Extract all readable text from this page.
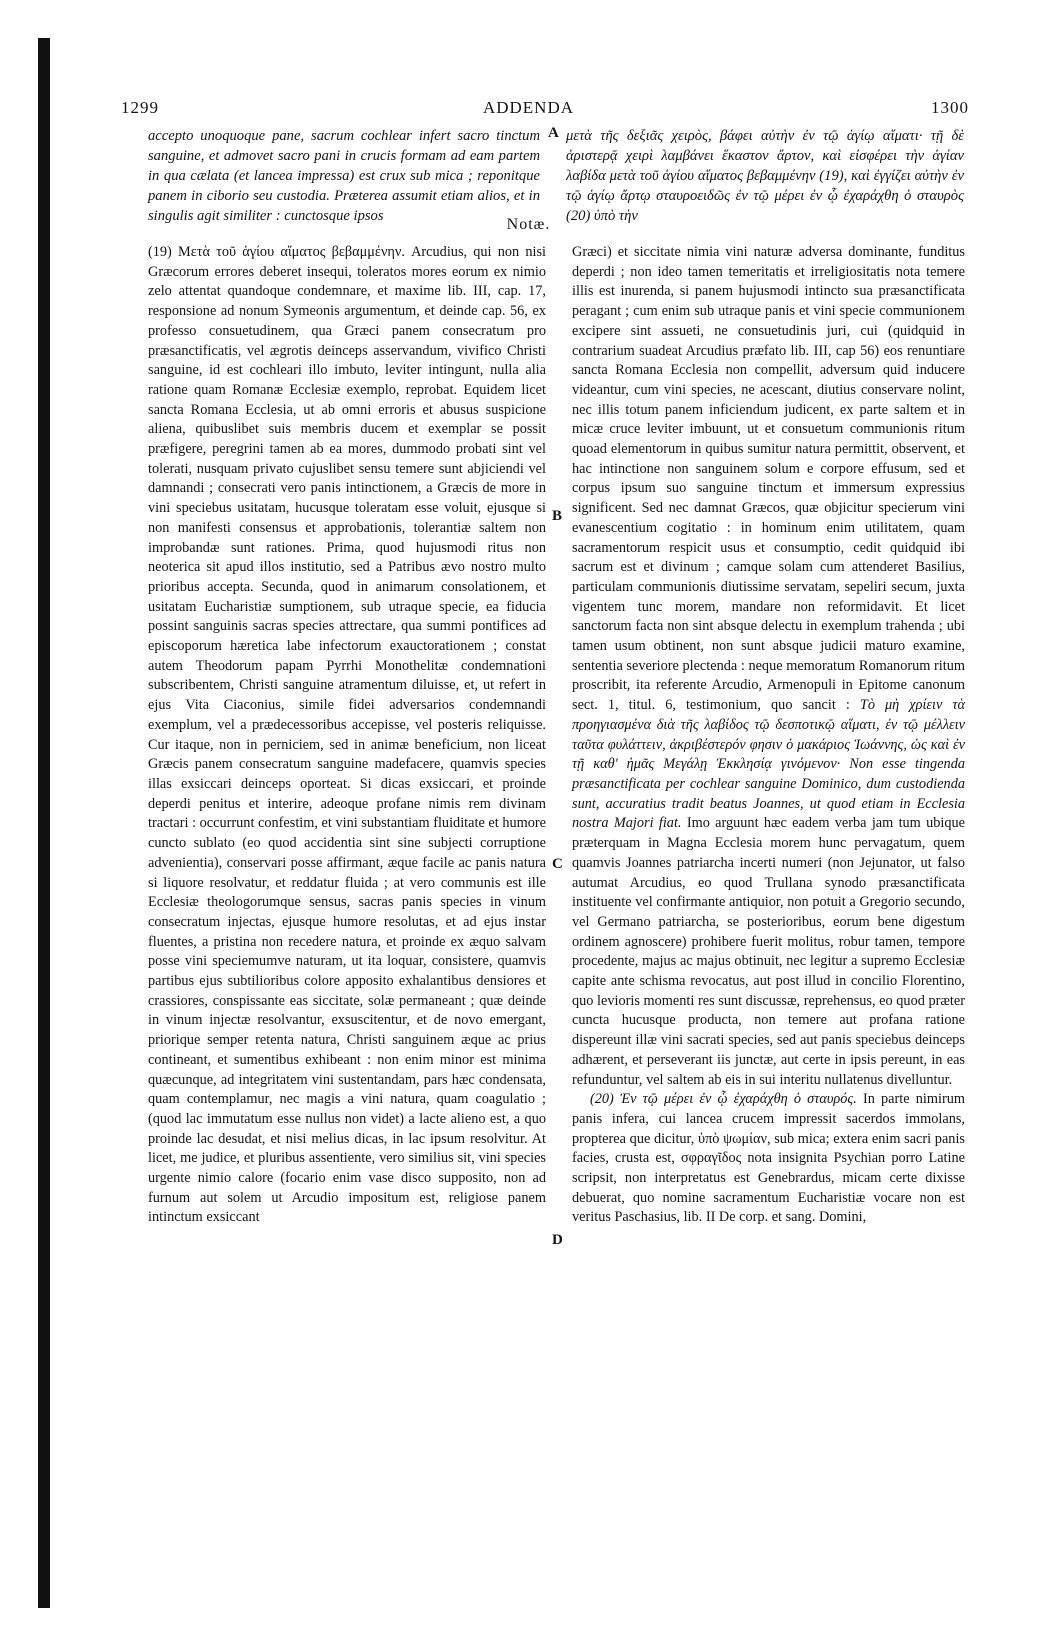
1299	ADDENDA	1300
accepto unoquoque pane, sacrum cochlear infert sacro tinctum sanguine, et admovet sacro pani in crucis formam ad eam partem in qua cælata (et lancea impressa) est crux sub mica ; reponitque panem in ciborio seu custodia. Præterea assumit etiam alios, et in singulis agit similiter : cunctosque ipsos
A μετὰ τῆς δεξιᾶς χειρὸς, βάφει αὐτὴν ἐν τῷ ἁγίῳ αἵματι· τῇ δὲ ἀριστερᾷ χειρὶ λαμβάνει ἕκαστον ἄρτον, καὶ εἰσφέρει τὴν ἁγίαν λαβίδα μετὰ τοῦ ἁγίου αἵματος βεβαμμένην (19), καὶ ἐγγίζει αὐτὴν ἐν τῷ ἁγίῳ ἄρτῳ σταυροειδῶς ἐν τῷ μέρει ἐν ᾧ ἐχαράχθη ὁ σταυρὸς (20) ὑπὸ τὴν
Notæ.
(19) Μετὰ τοῦ ἁγίου αἵματος βεβαμμένην. Arcudius, qui non nisi Græcorum errores deberet insequi, toleratos mores eorum ex nimio zelo attentat quandoque condemnare, et maxime lib. III, cap. 17, responsione ad nonum Symeonis argumentum, et deinde cap. 56, ex professo consuetudinem, qua Græci panem consecratum pro præsanctificatis, vel ægrotis deinceps asservandum, vivifico Christi sanguine, id est cochleari illo imbuto, leviter intingunt, nulla alia ratione quam Romanæ Ecclesiæ exemplo, reprobat. Equidem licet sancta Romana Ecclesia, ut ab omni erroris et abusus suspicione aliena, quibuslibet suis membris ducem et exemplar se possit præfigere, peregrini tamen ab ea mores, dummodo probati sint vel tolerati, nusquam privato cujuslibet sensu temere sunt abjiciendi vel damnandi ; consecrati vero panis intinctionem, a Græcis de more in vini speciebus usitatam, hucusque toleratam esse voluit, ejusque si non manifesti consensus et approbationis, tolerantiæ saltem non improbandæ sunt rationes. Prima, quod hujusmodi ritus non neoterica sit apud illos institutio, sed a Patribus ævo nostro multo prioribus accepta. Secunda, quod in animarum consolationem, et usitatam Eucharistiæ sumptionem, sub utraque specie, ea fiducia possint sanguinis sacras species attrectare, qua summi pontifices ad episcoporum hæretica labe infectorum exauctorationem ; constat autem Theodorum papam Pyrrhi Monothelitæ condemnationi subscribentem, Christi sanguine atramentum diluisse, et, ut refert in ejus Vita Ciaconius, simile fidei adversarios condemnandi exemplum, vel a prædecessoribus accepisse, vel posteris reliquisse. Cur itaque, non in perniciem, sed in animæ beneficium, non liceat Græcis panem consecratum sanguine madefacere, quamvis species illas exsiccari deinceps oporteat. Si dicas exsiccari, et proinde deperdi penitus et interire, adeoque profane nimis rem divinam tractari : occurrunt confestim, et vini substantiam fluiditate et humore cuncto sublato (eo quod accidentia sint sine subjecti corruptione advenientia), conservari posse affirmant, æque facile ac panis natura si liquore resolvatur, et reddatur fluida ; at vero communis est ille Ecclesiæ theologorumque sensus, sacras panis species in vinum consecratum injectas, ejusque humore resolutas, et ad ejus instar fluentes, a pristina non recedere natura, et proinde ex æquo salvam posse vini speciemumve naturam, ut ita loquar, consistere, quamvis partibus ejus subtilioribus colore apposito exhalantibus densiores et crassiores, conspissante eas siccitate, solæ permaneant ; quæ deinde in vinum injectæ resolvantur, exsuscitentur, et de novo emergant, priorique semper retenta natura, Christi sanguinem æque ac prius contineant, et sumentibus exhibeant : non enim minor est minima quæcunque, ad integritatem vini sustentandam, pars hæc condensata, quam contemplamur, nec magis a vini natura, quam coagulatio ; (quod lac immutatum esse nullus non videt) a lacte alieno est, a quo proinde lac desudat, et nisi melius dicas, in lac ipsum resolvitur. At licet, me judice, et pluribus assentiente, vero similius sit, vini species urgente nimio calore (focario enim vase disco supposito, non ad furnum aut solem ut Arcudio impositum est, religiose panem intinctum exsiccant
B
C
D

Græci) et siccitate nimia vini naturæ adversa dominante, funditus deperdi ; non ideo tamen temeritatis et irreligiositatis nota temere illis est inurenda, si panem hujusmodi intincto sua præsanctificata peragant ; cum enim sub utraque panis et vini specie communionem excipere sint assueti, ne consuetudinis juri, cui (quidquid in contrarium suadeat Arcudius præfato lib. III, cap 56) eos renuntiare sancta Romana Ecclesia non compellit, adversum quid inducere videantur, cum vini species, ne acescant, diutius conservare nolint, nec illis totum panem inficiendum judicent, ex parte saltem et in micæ cruce leviter imbuunt, ut et consuetum communionis ritum quoad elementorum in quibus sumitur natura permittit, observent, et hac intinctione non sanguinem solum e corpore effusum, sed et corpus ipsum suo sanguine tinctum et immersum expressius significent. Sed nec damnat Græcos, quæ objicitur specierum vini evanescentium cogitatio : in hominum enim utilitatem, quam sacramentorum respicit usus et consumptio, cedit quidquid ibi sacrum est et divinum ; camque solam cum attenderet Basilius, particulam communionis diutissime servatam, sepeliri secum, juxta vigentem tunc morem, mandare non reformidavit. Et licet sanctorum facta non sint absque delectu in exemplum trahenda ; ubi tamen usum obtinent, non sunt absque judicii maturo examine, sententia severiore plectenda : neque memoratum Romanorum ritum proscribit, ita referente Arcudio, Armenopuli in Epitome canonum sect. 1, titul. 6, testimonium, quo sancit : Τὸ μὴ χρίειν τὰ προηγιασμένα διὰ τῆς λαβίδος τῷ δεσποτικῷ αἵματι, ἐν τῷ μέλλειν ταῦτα φυλάττειν, ἀκριβέστερόν φησιν ὁ μακάριος Ἰωάννης, ὡς καὶ ἐν τῇ καθ' ἡμᾶς Μεγάλῃ Ἐκκλησίᾳ γινόμενον· Non esse tingenda præsanctificata per cochlear sanguine Dominico, dum custodienda sunt, accuratius tradit beatus Joannes, ut quod etiam in Ecclesia nostra Majori fiat. Imo arguunt hæc eadem verba jam tum ubique præterquam in Magna Ecclesia morem hunc pervagatum, quem quamvis Joannes patriarcha incerti numeri (non Jejunator, ut falso autumat Arcudius, eo quod Trullana synodo præsanctificata instituente vel confirmante antiquior, non potuit a Gregorio secundo, vel Germano patriarcha, se posterioribus, eorum bene digestum ordinem agnoscere) prohibere fuerit molitus, robur tamen, tempore procedente, majus ac majus obtinuit, nec legitur a supremo Ecclesiæ capite ante schisma revocatus, aut post illud in concilio Florentino, quo levioris momenti res sunt discussæ, reprehensus, eo quod præter cuncta hucusque producta, non temere aut profana ratione dispereunt illæ vini sacrati species, sed aut panis speciebus deinceps adhærent, et perseverant iis junctæ, aut certe in ipsis pereunt, in eas refunduntur, vel saltem ab eis in sui interitu nullatenus divelluntur.

(20) Ἐν τῷ μέρει ἐν ᾧ ἐχαράχθη ὁ σταυρός. In parte nimirum panis infera, cui lancea crucem impressit sacerdos immolans, propterea que dicitur, ὑπὸ ψωμίαν, sub mica; extera enim sacri panis facies, crusta est, σφραγῖδος nota insignita Psychian porro Latine scripsit, non interpretatus est Genebrardus, micam certe dixisse debuerat, quo nomine sacramentum Eucharistiæ vocare non est veritus Paschasius, lib. II De corp. et sang. Domini,
